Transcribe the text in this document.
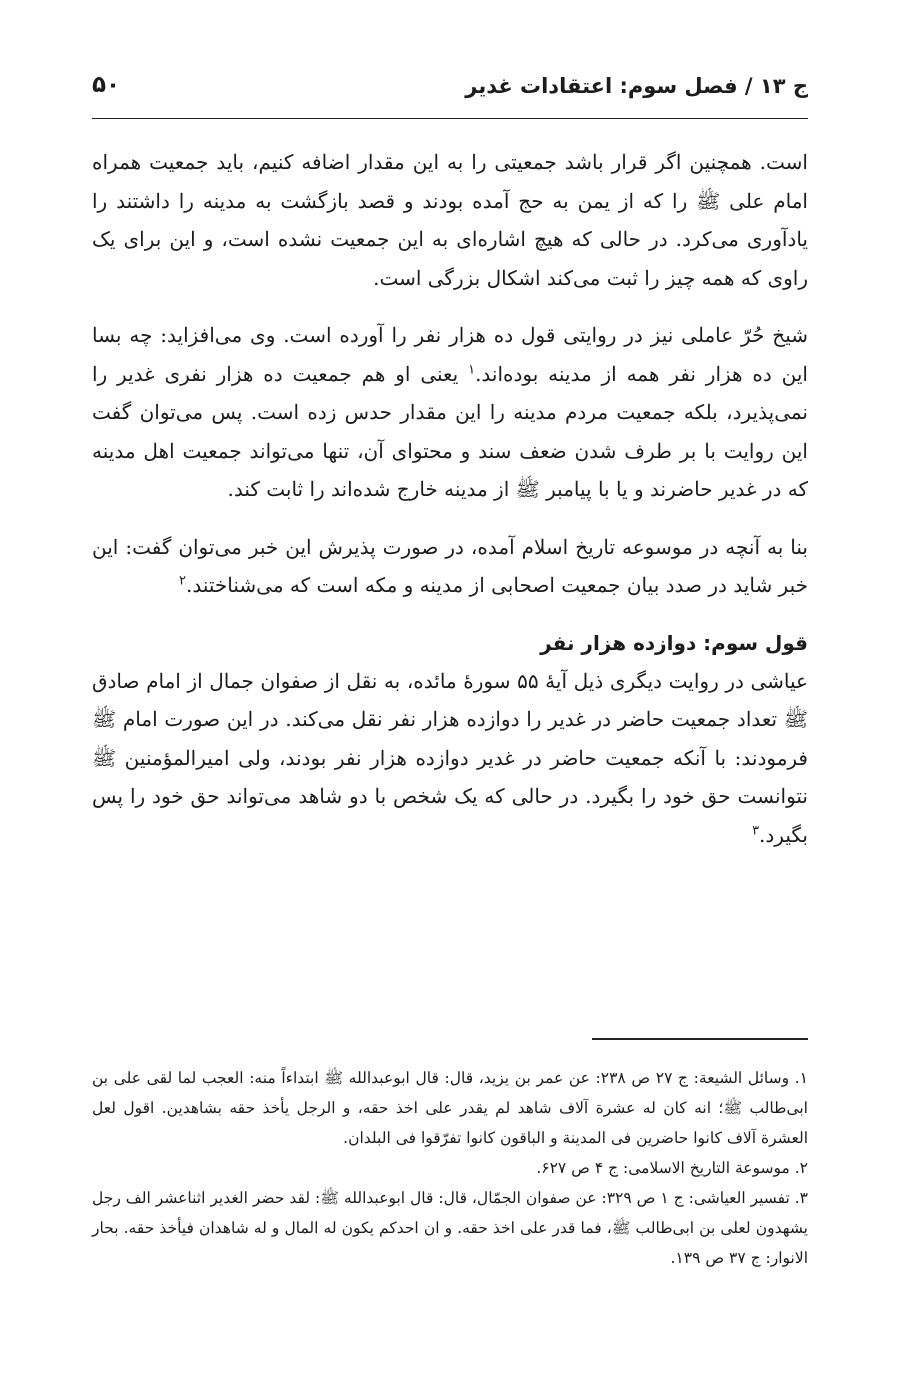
ج ۱۳ / فصل سوم: اعتقادات غدیر
۵۰

است. همچنین اگر قرار باشد جمعیتی را به این مقدار اضافه کنیم، باید جمعیت همراه امام علی ﷺ را که از یمن به حج آمده بودند و قصد بازگشت به مدینه را داشتند را یادآوری می‌کرد. در حالی که هیچ اشاره‌ای به این جمعیت نشده است، و این برای یک راوی که همه چیز را ثبت می‌کند اشکال بزرگی است.

شیخ حُرّ عاملی نیز در روایتی قول ده هزار نفر را آورده است. وی می‌افزاید: چه بسا این ده هزار نفر همه از مدینه بوده‌اند.$^۱$ یعنی او هم جمعیت ده هزار نفری غدیر را نمی‌پذیرد، بلکه جمعیت مردم مدینه را این مقدار حدس زده است. پس می‌توان گفت این روایت با بر طرف شدن ضعف سند و محتوای آن، تنها می‌تواند جمعیت اهل مدینه که در غدیر حاضرند و یا با پیامبر ﷺ از مدینه خارج شده‌اند را ثابت کند.

بنا به آنچه در موسوعه تاریخ اسلام آمده، در صورت پذیرش این خبر می‌توان گفت: این خبر شاید در صدد بیان جمعیت اصحابی از مدینه و مکه است که می‌شناختند.$^۲$

قول سوم: دوازده هزار نفر

عیاشی در روایت دیگری ذیل آیهٔ ۵۵ سورهٔ مائده، به نقل از صفوان جمال از امام صادق ﷺ تعداد جمعیت حاضر در غدیر را دوازده هزار نفر نقل می‌کند. در این صورت امام ﷺ فرمودند: با آنکه جمعیت حاضر در غدیر دوازده هزار نفر بودند، ولی امیرالمؤمنین ﷺ نتوانست حق خود را بگیرد. در حالی که یک شخص با دو شاهد می‌تواند حق خود را پس بگیرد.$^۳$

۱. وسائل الشیعة: ج ۲۷ ص ۲۳۸: عن عمر بن یزید، قال: قال ابوعبدالله ﷺ ابتداءاً منه: العجب لما لقی علی بن ابی‌طالب ﷺ؛ انه کان له عشرة آلاف شاهد لم یقدر علی اخذ حقه، و الرجل یأخذ حقه بشاهدین. اقول لعل العشرة آلاف کانوا حاضرین فی المدینة و الباقون کانوا تفرّقوا فی البلدان.

۲. موسوعة التاریخ الاسلامی: ج ۴ ص ۶۲۷.

۳. تفسیر العیاشی: ج ۱ ص ۳۲۹: عن صفوان الجمّال، قال: قال ابوعبدالله ﷺ: لقد حضر الغدیر اثناعشر الف رجل یشهدون لعلی بن ابی‌طالب ﷺ، فما قدر علی اخذ حقه. و ان احدکم یکون له المال و له شاهدان فیأخذ حقه. بحار الانوار: ج ۳۷ ص ۱۳۹.
